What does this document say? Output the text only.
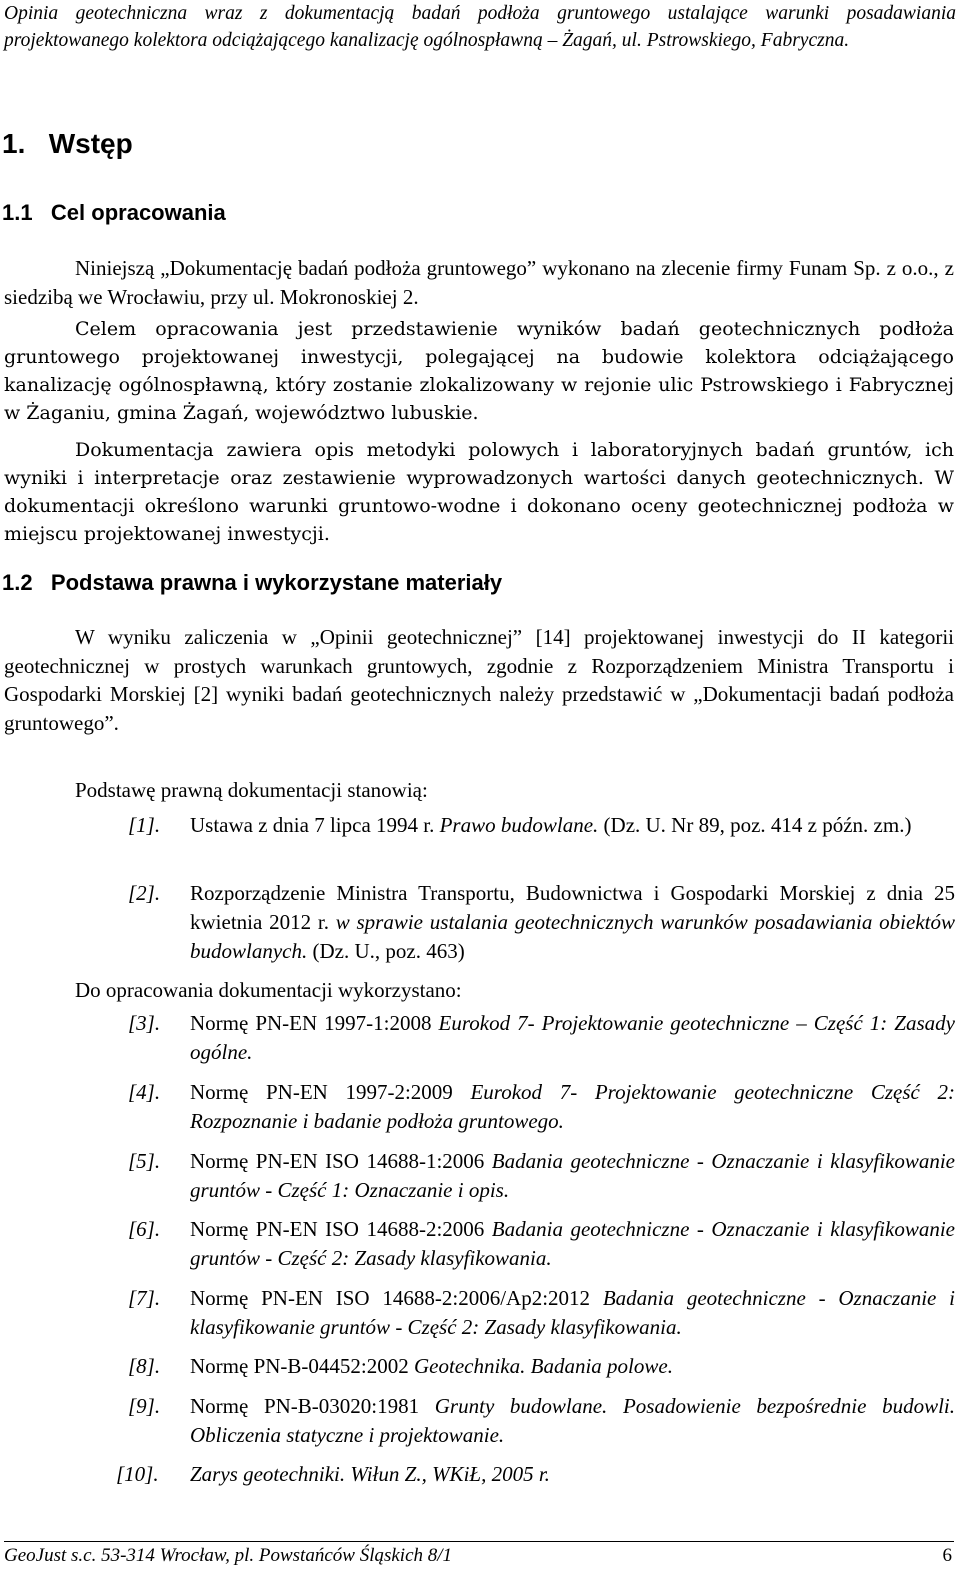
Opinia geotechniczna wraz z dokumentacją badań podłoża gruntowego ustalające warunki posadawiania
projektowanego kolektora odciążającego kanalizację ogólnospławną – Żagań, ul. Pstrowskiego, Fabryczna.
1.   Wstęp
1.1   Cel opracowania
Niniejszą „Dokumentację badań podłoża gruntowego” wykonano na zlecenie firmy Funam Sp. z o.o., z siedzibą we Wrocławiu, przy ul. Mokronoskiej 2.
Celem opracowania jest przedstawienie wyników badań geotechnicznych podłoża gruntowego projektowanej inwestycji, polegającej na budowie kolektora odciążającego kanalizację ogólnospławną, który zostanie zlokalizowany w rejonie ulic Pstrowskiego i Fabrycznej w Żaganiu, gmina Żagań, województwo lubuskie.
Dokumentacja zawiera opis metodyki polowych i laboratoryjnych badań gruntów, ich wyniki i interpretacje oraz zestawienie wyprowadzonych wartości danych geotechnicznych. W dokumentacji określono warunki gruntowo-wodne i dokonano oceny geotechnicznej podłoża w miejscu projektowanej inwestycji.
1.2   Podstawa prawna i wykorzystane materiały
W wyniku zaliczenia w „Opinii geotechnicznej” [14] projektowanej inwestycji do II kategorii geotechnicznej w prostych warunkach gruntowych, zgodnie z Rozporządzeniem Ministra Transportu i Gospodarki Morskiej [2] wyniki badań geotechnicznych należy przedstawić w „Dokumentacji badań podłoża gruntowego”.
Podstawę prawną dokumentacji stanowią:
[1]. Ustawa z dnia 7 lipca 1994 r. Prawo budowlane. (Dz. U. Nr 89, poz. 414 z późn. zm.)
[2]. Rozporządzenie Ministra Transportu, Budownictwa i Gospodarki Morskiej z dnia 25 kwietnia 2012 r. w sprawie ustalania geotechnicznych warunków posadawiania obiektów budowlanych. (Dz. U., poz. 463)
Do opracowania dokumentacji wykorzystano:
[3]. Normę PN-EN 1997-1:2008 Eurokod 7- Projektowanie geotechniczne – Część 1: Zasady ogólne.
[4]. Normę PN-EN 1997-2:2009 Eurokod 7- Projektowanie geotechniczne Część 2: Rozpoznanie i badanie podłoża gruntowego.
[5]. Normę PN-EN ISO 14688-1:2006 Badania geotechniczne - Oznaczanie i klasyfikowanie gruntów - Część 1: Oznaczanie i opis.
[6]. Normę PN-EN ISO 14688-2:2006 Badania geotechniczne - Oznaczanie i klasyfikowanie gruntów - Część 2: Zasady klasyfikowania.
[7]. Normę PN-EN ISO 14688-2:2006/Ap2:2012 Badania geotechniczne - Oznaczanie i klasyfikowanie gruntów - Część 2: Zasady klasyfikowania.
[8]. Normę PN-B-04452:2002 Geotechnika. Badania polowe.
[9]. Normę PN-B-03020:1981 Grunty budowlane. Posadowienie bezpośrednie budowli. Obliczenia statyczne i projektowanie.
[10]. Zarys geotechniki. Wiłun Z., WKiŁ, 2005 r.
GeoJust s.c. 53-314 Wrocław, pl. Powstańców Śląskich 8/1	6
